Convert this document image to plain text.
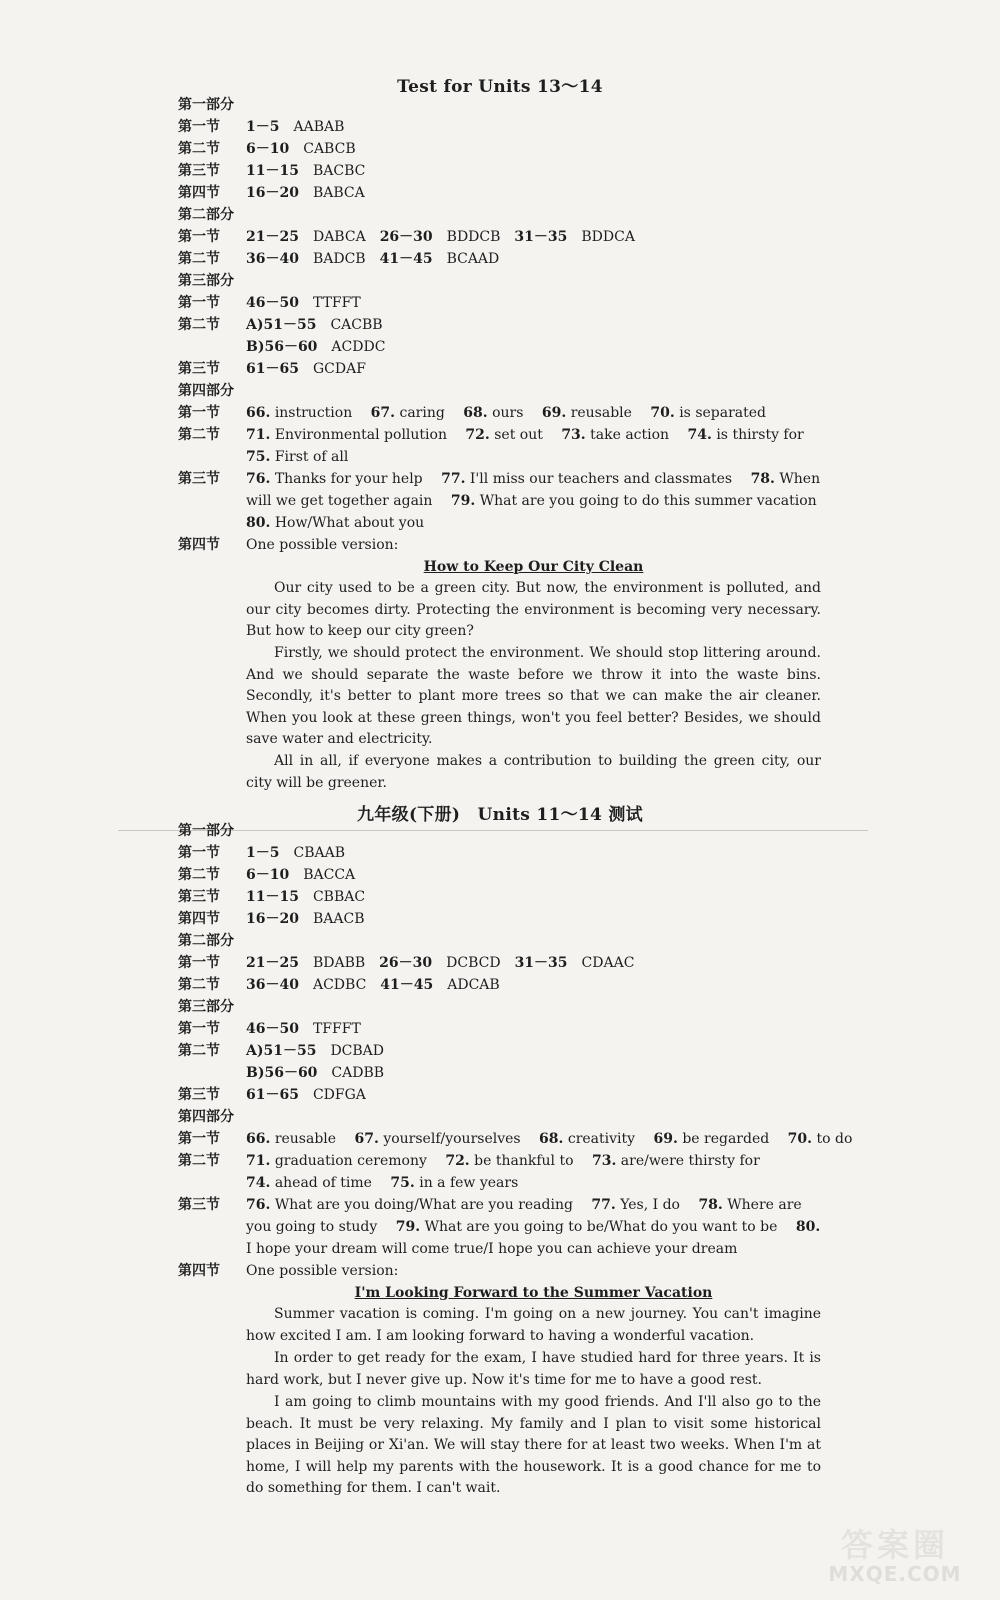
Test for Units 13～14
第一部分
第一节 1－5 AABAB
第二节 6－10 CABCB
第三节 11－15 BACBC
第四节 16－20 BABCA
第二部分
第一节 21－25 DABCA 26－30 BDDCB 31－35 BDDCA
第二节 36－40 BADCB 41－45 BCAAD
第三部分
第一节 46－50 TTFFT
第二节 A)51－55 CACBB
B)56－60 ACDDC
第三节 61－65 GCDAF
第四部分
第一节 66. instruction 67. caring 68. ours 69. reusable 70. is separated
第二节 71. Environmental pollution 72. set out 73. take action 74. is thirsty for
75. First of all
第三节 76. Thanks for your help 77. I'll miss our teachers and classmates 78. When
will we get together again 79. What are you going to do this summer vacation
80. How/What about you
第四节 One possible version:
How to Keep Our City Clean
Our city used to be a green city. But now, the environment is polluted, and our city becomes dirty. Protecting the environment is becoming very necessary. But how to keep our city green?
Firstly, we should protect the environment. We should stop littering around. And we should separate the waste before we throw it into the waste bins. Secondly, it's better to plant more trees so that we can make the air cleaner. When you look at these green things, won't you feel better? Besides, we should save water and electricity.
All in all, if everyone makes a contribution to building the green city, our city will be greener.
九年级(下册)　Units 11～14 测试
第一部分
第一节 1－5 CBAAB
第二节 6－10 BACCA
第三节 11－15 CBBAC
第四节 16－20 BAACB
第二部分
第一节 21－25 BDABB 26－30 DCBCD 31－35 CDAAC
第二节 36－40 ACDBC 41－45 ADCAB
第三部分
第一节 46－50 TFFFT
第二节 A)51－55 DCBAD
B)56－60 CADBB
第三节 61－65 CDFGA
第四部分
第一节 66. reusable 67. yourself/yourselves 68. creativity 69. be regarded 70. to do
第二节 71. graduation ceremony 72. be thankful to 73. are/were thirsty for
74. ahead of time 75. in a few years
第三节 76. What are you doing/What are you reading 77. Yes, I do 78. Where are
you going to study 79. What are you going to be/What do you want to be 80.
I hope your dream will come true/I hope you can achieve your dream
第四节 One possible version:
I'm Looking Forward to the Summer Vacation
Summer vacation is coming. I'm going on a new journey. You can't imagine how excited I am. I am looking forward to having a wonderful vacation.
In order to get ready for the exam, I have studied hard for three years. It is hard work, but I never give up. Now it's time for me to have a good rest.
I am going to climb mountains with my good friends. And I'll also go to the beach. It must be very relaxing. My family and I plan to visit some historical places in Beijing or Xi'an. We will stay there for at least two weeks. When I'm at home, I will help my parents with the housework. It is a good chance for me to do something for them. I can't wait.
答案圈
MXQE.COM
